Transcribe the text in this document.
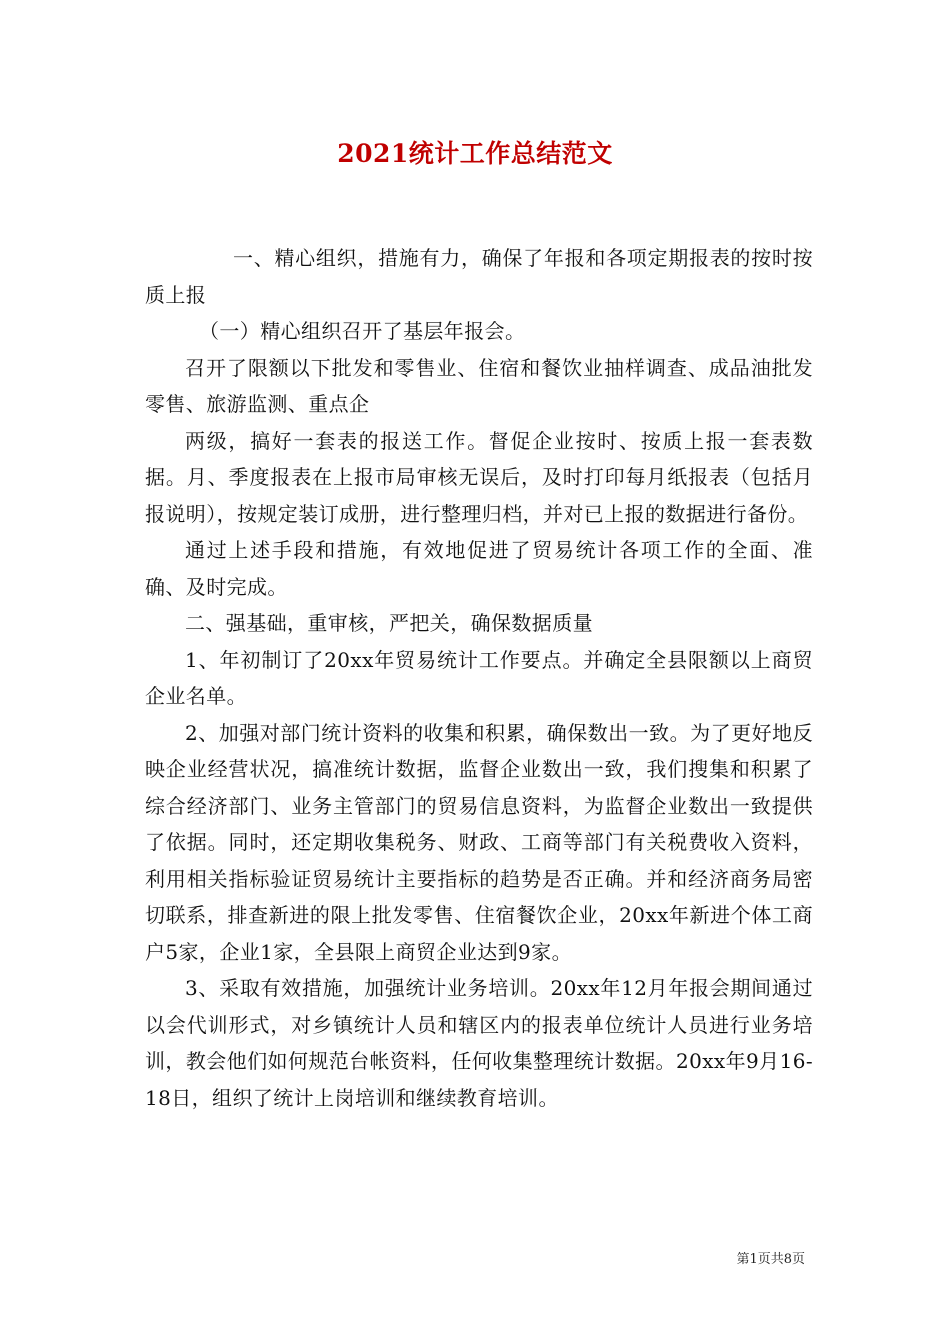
2021统计工作总结范文

一、精心组织，措施有力，确保了年报和各项定期报表的按时按质上报

（一）精心组织召开了基层年报会。

召开了限额以下批发和零售业、住宿和餐饮业抽样调查、成品油批发零售、旅游监测、重点企

两级，搞好一套表的报送工作。督促企业按时、按质上报一套表数据。月、季度报表在上报市局审核无误后，及时打印每月纸报表（包括月报说明），按规定装订成册，进行整理归档，并对已上报的数据进行备份。

通过上述手段和措施，有效地促进了贸易统计各项工作的全面、准确、及时完成。

二、强基础，重审核，严把关，确保数据质量

1、年初制订了20xx年贸易统计工作要点。并确定全县限额以上商贸企业名单。

2、加强对部门统计资料的收集和积累，确保数出一致。为了更好地反映企业经营状况，搞准统计数据，监督企业数出一致，我们搜集和积累了综合经济部门、业务主管部门的贸易信息资料，为监督企业数出一致提供了依据。同时，还定期收集税务、财政、工商等部门有关税费收入资料，利用相关指标验证贸易统计主要指标的趋势是否正确。并和经济商务局密切联系，排查新进的限上批发零售、住宿餐饮企业，20xx年新进个体工商户5家，企业1家，全县限上商贸企业达到9家。

3、采取有效措施，加强统计业务培训。20xx年12月年报会期间通过以会代训形式，对乡镇统计人员和辖区内的报表单位统计人员进行业务培训，教会他们如何规范台帐资料，任何收集整理统计数据。20xx年9月16-18日，组织了统计上岗培训和继续教育培训。

第1页共8页
